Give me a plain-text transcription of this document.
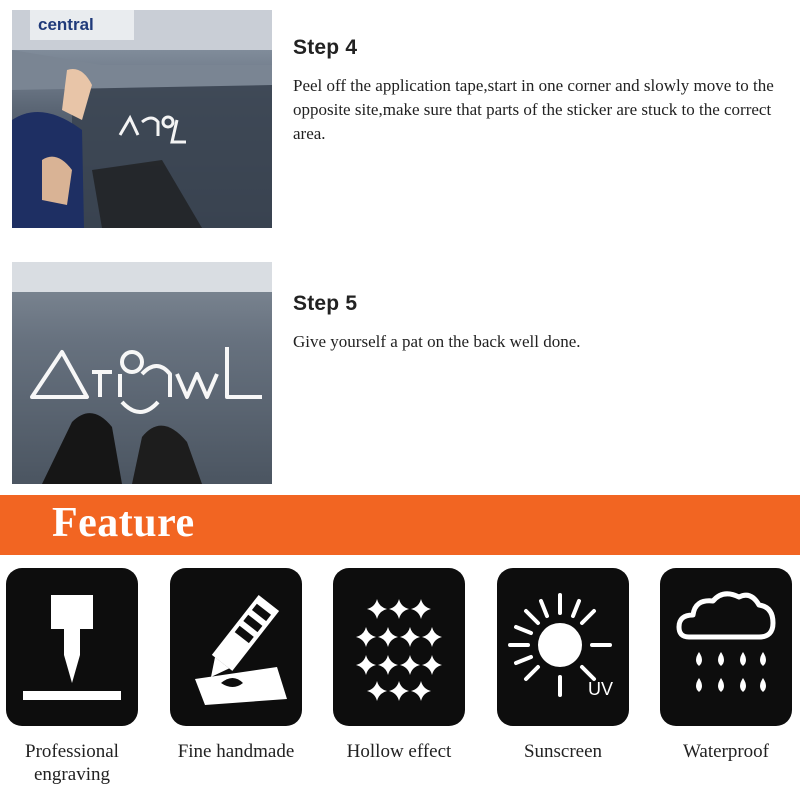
central
Step 4
Peel off the application tape,start in one corner and slowly move to the opposite site,make sure that parts of the sticker are stuck to the correct area.
Step 5
Give yourself a pat on the back well done.
Feature
Professional engraving
Fine handmade	Hollow effect
UV
Sunscreen	Waterproof
